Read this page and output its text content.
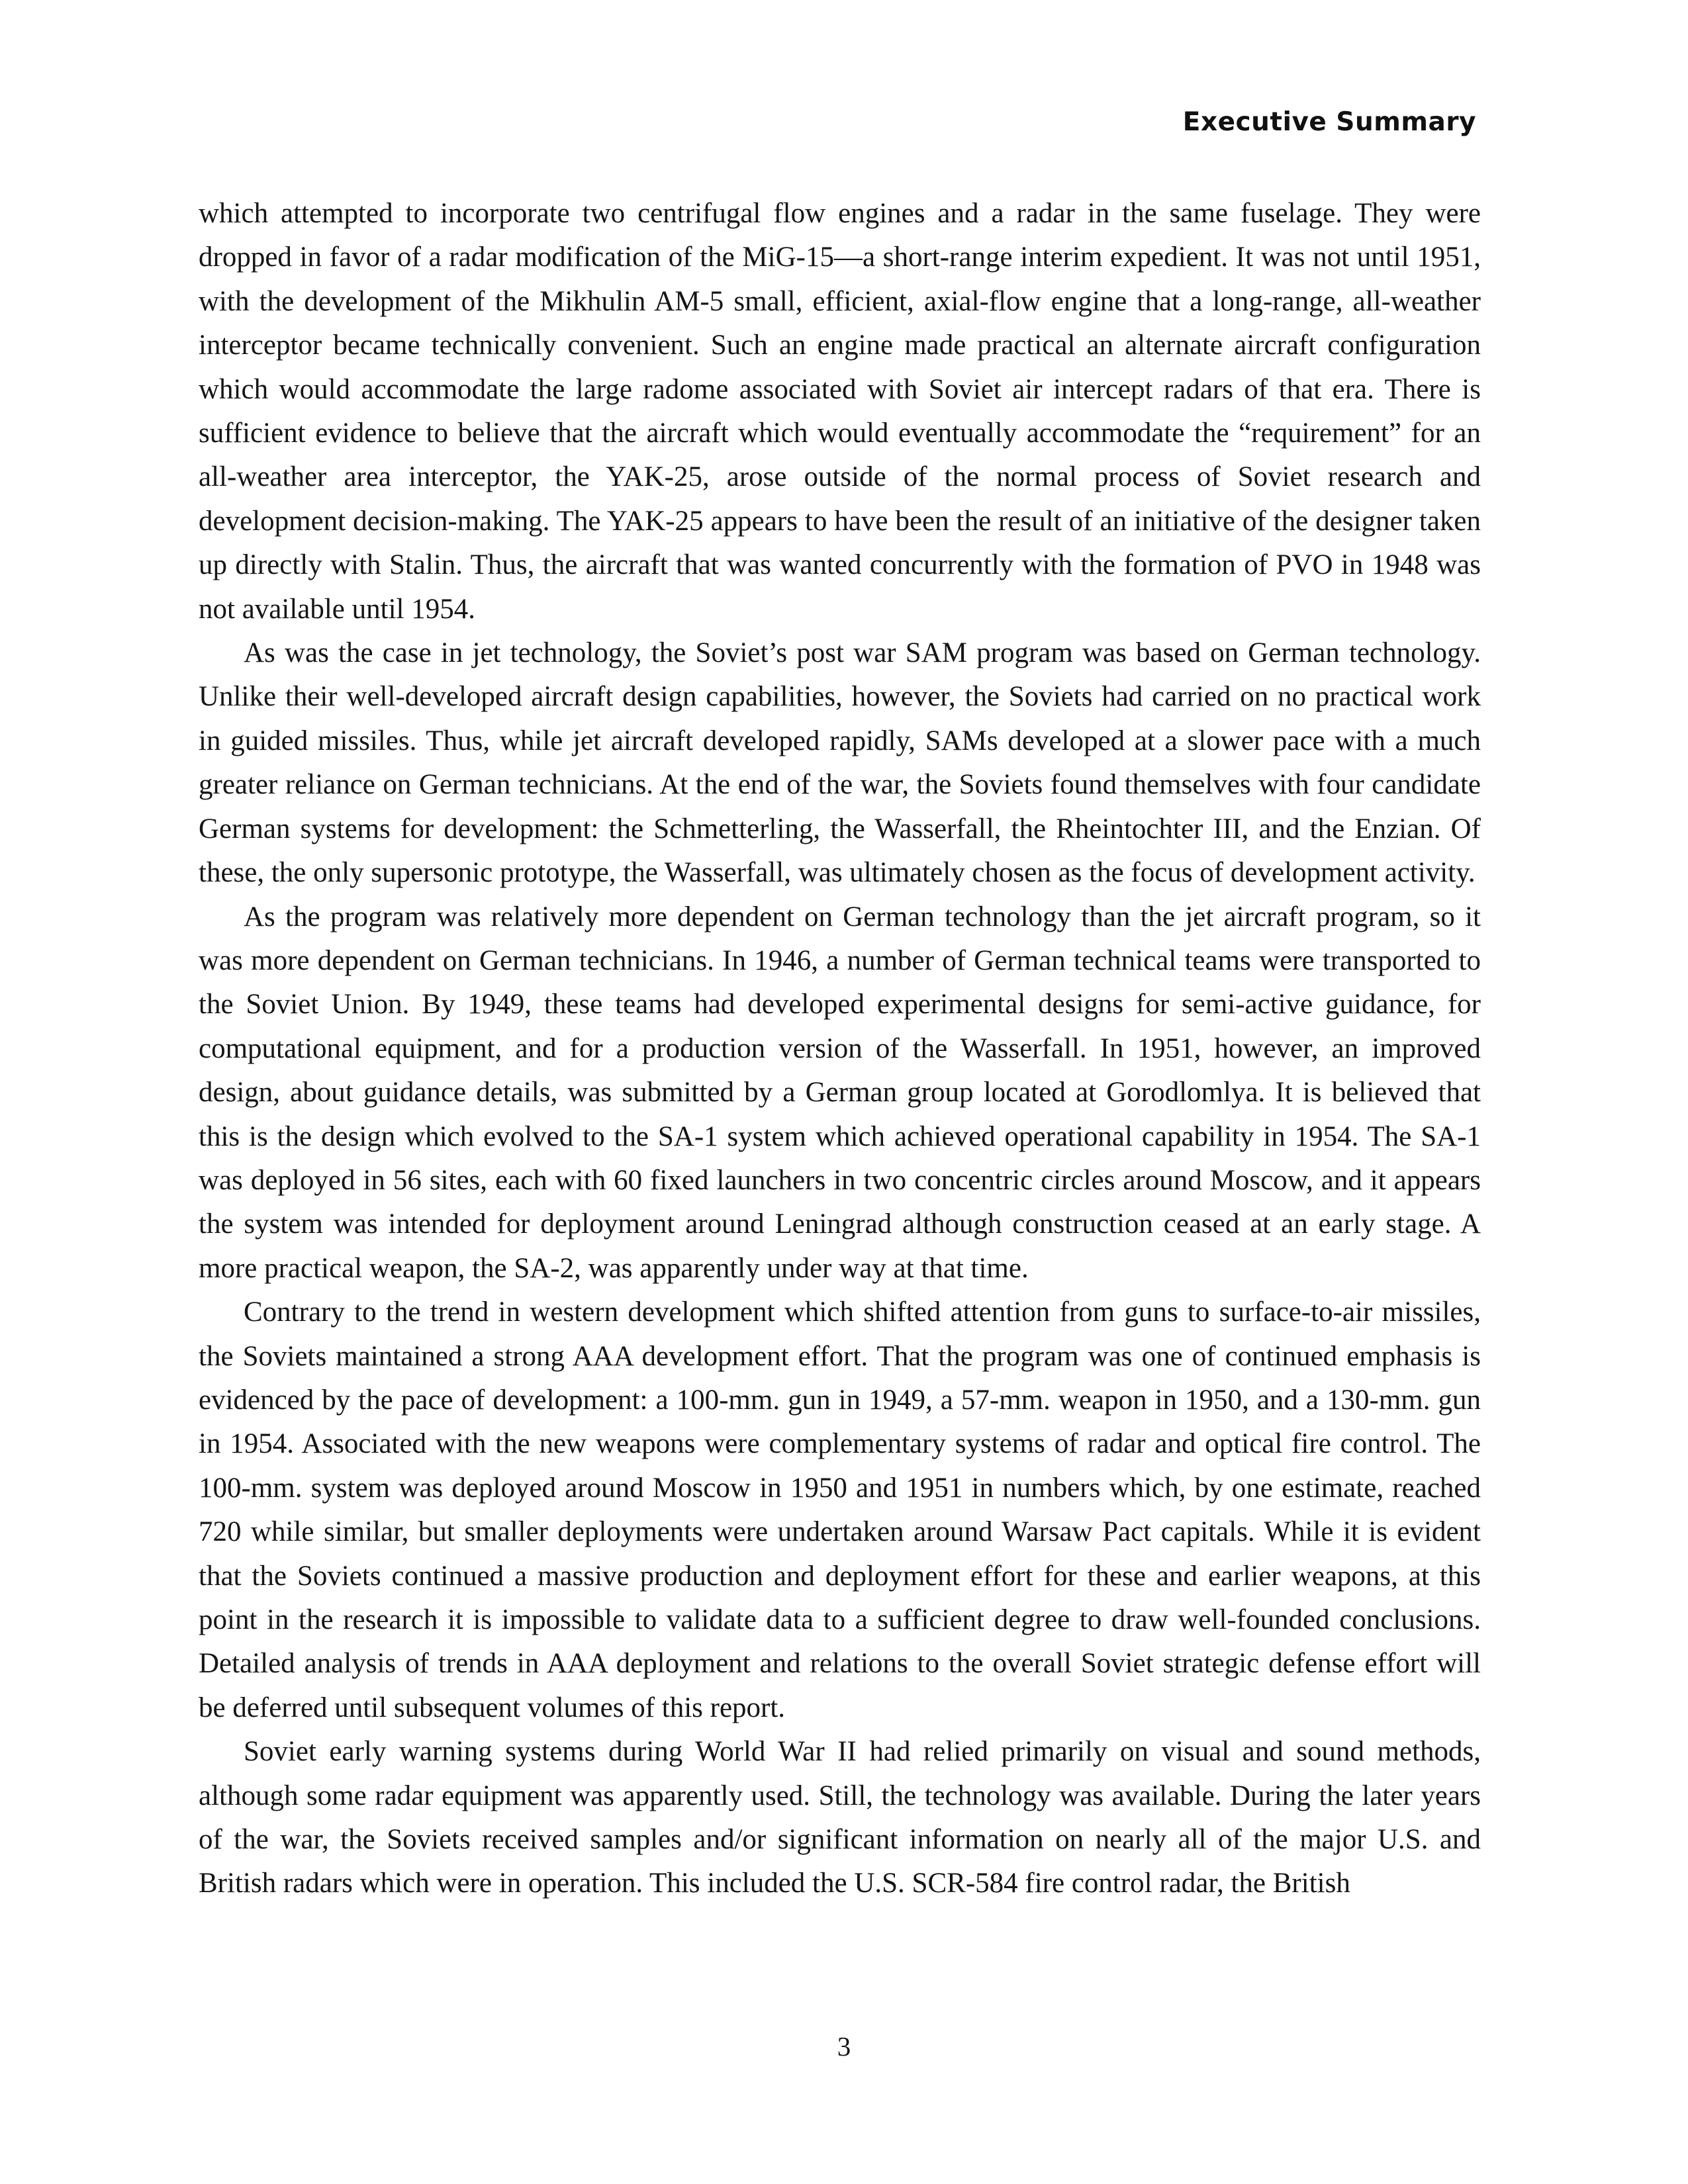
Executive Summary

which attempted to incorporate two centrifugal flow engines and a radar in the same fuselage. They were dropped in favor of a radar modification of the MiG-15—a short-range interim expedient. It was not until 1951, with the development of the Mikhulin AM-5 small, efficient, axial-flow engine that a long-range, all-weather interceptor became technically convenient. Such an engine made practical an alternate aircraft configuration which would accommodate the large radome associated with Soviet air intercept radars of that era. There is sufficient evidence to believe that the aircraft which would eventually accommodate the “requirement” for an all-weather area interceptor, the YAK-25, arose outside of the normal process of Soviet research and development decision-making. The YAK-25 appears to have been the result of an initiative of the designer taken up directly with Stalin. Thus, the aircraft that was wanted concurrently with the formation of PVO in 1948 was not available until 1954.

As was the case in jet technology, the Soviet’s post war SAM program was based on German technology. Unlike their well-developed aircraft design capabilities, however, the Soviets had carried on no practical work in guided missiles. Thus, while jet aircraft developed rapidly, SAMs developed at a slower pace with a much greater reliance on German technicians. At the end of the war, the Soviets found themselves with four candidate German systems for development: the Schmetterling, the Wasserfall, the Rheintochter III, and the Enzian. Of these, the only supersonic prototype, the Wasserfall, was ultimately chosen as the focus of development activity.

As the program was relatively more dependent on German technology than the jet aircraft program, so it was more dependent on German technicians. In 1946, a number of German technical teams were transported to the Soviet Union. By 1949, these teams had developed experimental designs for semi-active guidance, for computational equipment, and for a production version of the Wasserfall. In 1951, however, an improved design, about guidance details, was submitted by a German group located at Gorodlomlya. It is believed that this is the design which evolved to the SA-1 system which achieved operational capability in 1954. The SA-1 was deployed in 56 sites, each with 60 fixed launchers in two concentric circles around Moscow, and it appears the system was intended for deployment around Leningrad although construction ceased at an early stage. A more practical weapon, the SA-2, was apparently under way at that time.

Contrary to the trend in western development which shifted attention from guns to surface-to-air missiles, the Soviets maintained a strong AAA development effort. That the program was one of continued emphasis is evidenced by the pace of development: a 100-mm. gun in 1949, a 57-mm. weapon in 1950, and a 130-mm. gun in 1954. Associated with the new weapons were complementary systems of radar and optical fire control. The 100-mm. system was deployed around Moscow in 1950 and 1951 in numbers which, by one estimate, reached 720 while similar, but smaller deployments were undertaken around Warsaw Pact capitals. While it is evident that the Soviets continued a massive production and deployment effort for these and earlier weapons, at this point in the research it is impossible to validate data to a sufficient degree to draw well-founded conclusions. Detailed analysis of trends in AAA deployment and relations to the overall Soviet strategic defense effort will be deferred until subsequent volumes of this report.

Soviet early warning systems during World War II had relied primarily on visual and sound methods, although some radar equipment was apparently used. Still, the technology was available. During the later years of the war, the Soviets received samples and/or significant information on nearly all of the major U.S. and British radars which were in operation. This included the U.S. SCR-584 fire control radar, the British

3
